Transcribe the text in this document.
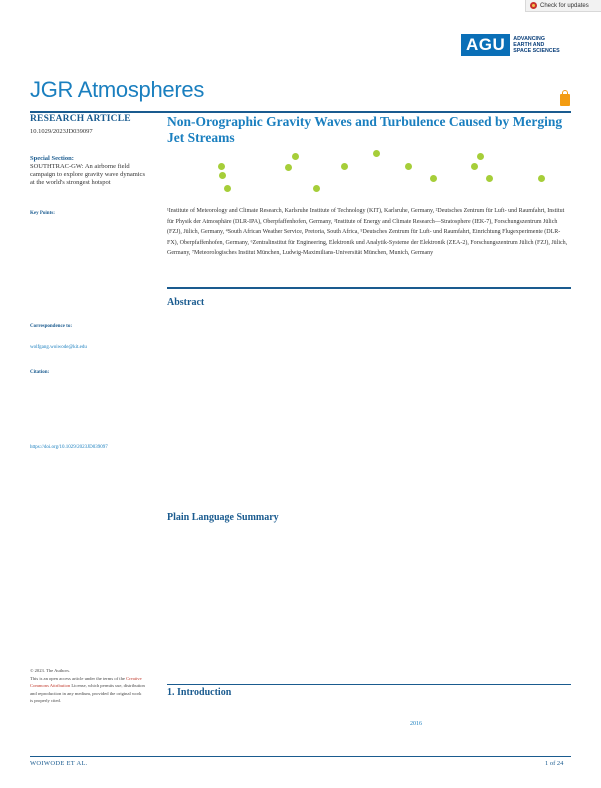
Check for updates
AGU	ADVANCING
EARTH AND
SPACE SCIENCES
JGR Atmospheres
RESEARCH ARTICLE
10.1029/2023JD039097
Special Section:
SOUTHTRAC-GW: An airborne field campaign to explore gravity wave dynamics at the world's strongest hotspot
Key Points:
Correspondence to:
wolfgang.woiwode@kit.edu
Citation:
https://doi.org/10.1029/2023JD039097
© 2023. The Authors.
This is an open access article under the terms of the Creative Commons Attribution License, which permits use, distribution and reproduction in any medium, provided the original work is properly cited.
Non-Orographic Gravity Waves and Turbulence Caused by Merging Jet Streams
¹Institute of Meteorology and Climate Research, Karlsruhe Institute of Technology (KIT), Karlsruhe, Germany, ²Deutsches Zentrum für Luft- und Raumfahrt, Institut für Physik der Atmosphäre (DLR-IPA), Oberpfaffenhofen, Germany, ³Institute of Energy and Climate Research—Stratosphere (IEK-7), Forschungszentrum Jülich (FZJ), Jülich, Germany, ⁴South African Weather Service, Pretoria, South Africa, ⁵Deutsches Zentrum für Luft- und Raumfahrt, Einrichtung Flugexperimente (DLR-FX), Oberpfaffenhofen, Germany, ⁶Zentralinstitut für Engineering, Elektronik und Analytik-Systeme der Elektronik (ZEA-2), Forschungszentrum Jülich (FZJ), Jülich, Germany, ⁷Meteorologisches Institut München, Ludwig-Maximilians-Universität München, Munich, Germany
Abstract
Plain Language Summary
1. Introduction
2016
WOIWODE ET AL.	1 of 24
